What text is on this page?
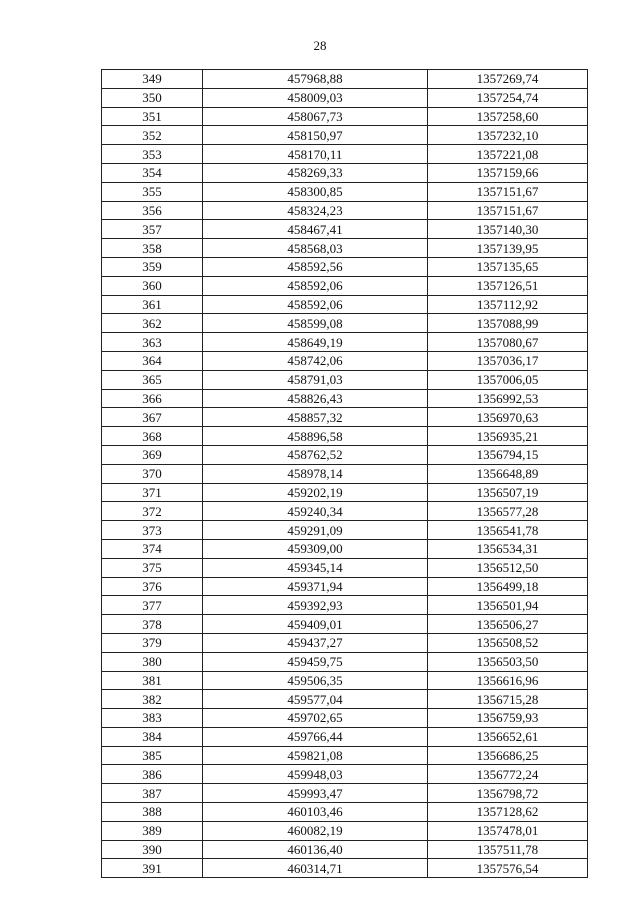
28
349	457968,88	1357269,74
350	458009,03	1357254,74
351	458067,73	1357258,60
352	458150,97	1357232,10
353	458170,11	1357221,08
354	458269,33	1357159,66
355	458300,85	1357151,67
356	458324,23	1357151,67
357	458467,41	1357140,30
358	458568,03	1357139,95
359	458592,56	1357135,65
360	458592,06	1357126,51
361	458592,06	1357112,92
362	458599,08	1357088,99
363	458649,19	1357080,67
364	458742,06	1357036,17
365	458791,03	1357006,05
366	458826,43	1356992,53
367	458857,32	1356970,63
368	458896,58	1356935,21
369	458762,52	1356794,15
370	458978,14	1356648,89
371	459202,19	1356507,19
372	459240,34	1356577,28
373	459291,09	1356541,78
374	459309,00	1356534,31
375	459345,14	1356512,50
376	459371,94	1356499,18
377	459392,93	1356501,94
378	459409,01	1356506,27
379	459437,27	1356508,52
380	459459,75	1356503,50
381	459506,35	1356616,96
382	459577,04	1356715,28
383	459702,65	1356759,93
384	459766,44	1356652,61
385	459821,08	1356686,25
386	459948,03	1356772,24
387	459993,47	1356798,72
388	460103,46	1357128,62
389	460082,19	1357478,01
390	460136,40	1357511,78
391	460314,71	1357576,54
